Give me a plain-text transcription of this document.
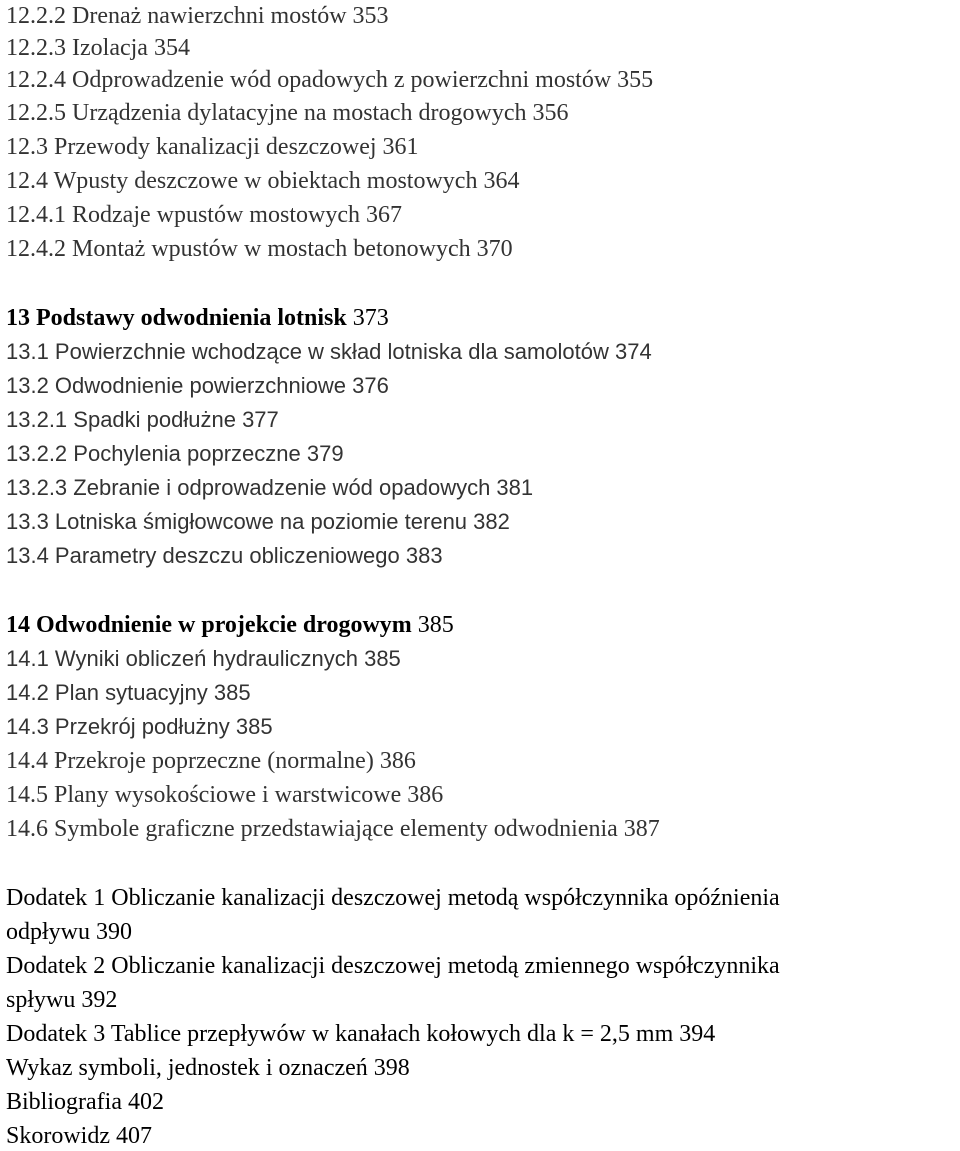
12.2.2 Drenaż nawierzchni mostów 353
12.2.3 Izolacja 354
12.2.4 Odprowadzenie wód opadowych z powierzchni mostów 355
12.2.5 Urządzenia dylatacyjne na mostach drogowych 356
12.3 Przewody kanalizacji deszczowej 361
12.4 Wpusty deszczowe w obiektach mostowych 364
12.4.1 Rodzaje wpustów mostowych 367
12.4.2 Montaż wpustów w mostach betonowych 370
13 Podstawy odwodnienia lotnisk 373
13.1 Powierzchnie wchodzące w skład lotniska dla samolotów 374
13.2 Odwodnienie powierzchniowe 376
13.2.1 Spadki podłużne 377
13.2.2 Pochylenia poprzeczne 379
13.2.3 Zebranie i odprowadzenie wód opadowych 381
13.3 Lotniska śmigłowcowe na poziomie terenu 382
13.4 Parametry deszczu obliczeniowego 383
14 Odwodnienie w projekcie drogowym 385
14.1 Wyniki obliczeń hydraulicznych 385
14.2 Plan sytuacyjny 385
14.3 Przekrój podłużny 385
14.4 Przekroje poprzeczne (normalne) 386
14.5 Plany wysokościowe i warstwicowe 386
14.6 Symbole graficzne przedstawiające elementy odwodnienia 387
Dodatek 1 Obliczanie kanalizacji deszczowej metodą współczynnika opóźnienia
odpływu 390
Dodatek 2 Obliczanie kanalizacji deszczowej metodą zmiennego współczynnika
spływu 392
Dodatek 3 Tablice przepływów w kanałach kołowych dla k = 2,5 mm 394
Wykaz symboli, jednostek i oznaczeń 398
Bibliografia 402
Skorowidz 407
